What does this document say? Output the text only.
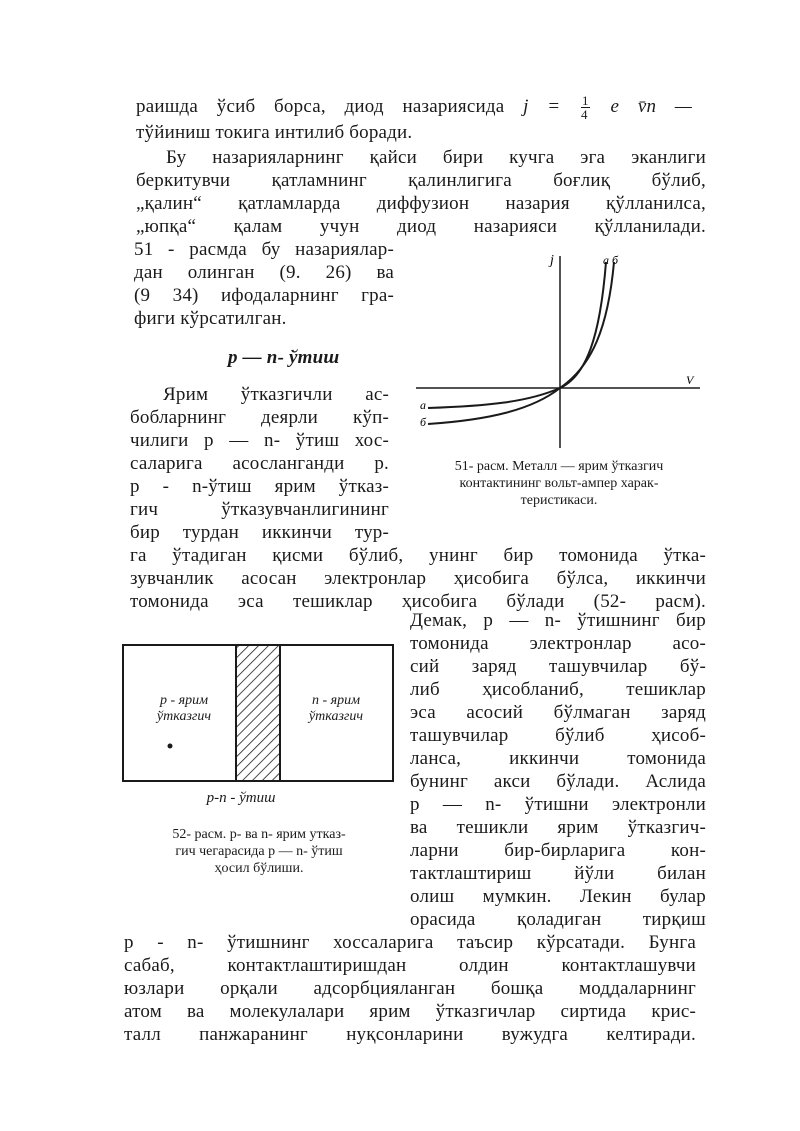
раишда ўсиб борса, диод назариясида $j = \frac{1}{4}$ e v̄n —
тўйиниш токига интилиб боради.
Бу назарияларнинг қайси бири кучга эга эканлиги
беркитувчи қатламнинг қалинлигига боғлиқ бўлиб,
„қалин“ қатламларда диффузион назария қўлланилса,
„юпқа“ қалам учун диод назарияси қўлланилади.
51 - расмда бу назариялар-
дан олинган (9. 26) ва
(9 34) ифодаларнинг гра-
фиги кўрсатилган.
p — n- ўтиш
Ярим ўтказгичли ас-
бобларнинг деярли кўп-
чилиги p — n- ўтиш хос-
саларига асосланганди р.
p - n-ўтиш ярим ўтказ-
гич ўтказувчанлигининг
бир турдан иккинчи тур-
j
V
a б
a
б
51- расм. Металл — ярим ўтказгич
контактининг вольт-ампер харак-
теристикаси.
га ўтадиган қисми бўлиб, унинг бир томонида ўтка-
зувчанлик асосан электронлар ҳисобига бўлса, иккинчи
томонида эса тешиклар ҳисобига бўлади (52- расм).
Демак, p — n- ўтишнинг бир
томонида электронлар асо-
сий заряд ташувчилар бў-
либ ҳисобланиб, тешиклар
эса асосий бўлмаган заряд
ташувчилар бўлиб ҳисоб-
ланса, иккинчи томонида
бунинг акси бўлади. Аслида
p — n- ўтишни электронли
ва тешикли ярим ўтказгич-
ларни бир-бирларига кон-
тактлаштириш йўли билан
олиш мумкин. Лекин булар
орасида қоладиган тирқиш
p - ярим
ўтказгич
n - ярим
ўтказгич
p-n - ўтиш
52- расм. p- ва n- ярим утказ-
гич чегарасида p — n- ўтиш
ҳосил бўлиши.
p - n- ўтишнинг хоссаларига таъсир кўрсатади. Бунга
сабаб, контактлаштиришдан олдин контактлашувчи
юзлари орқали адсорбцияланган бошқа моддаларнинг
атом ва молекулалари ярим ўтказгичлар сиртида крис-
талл панжаранинг нуқсонларини вужудга келтиради.
